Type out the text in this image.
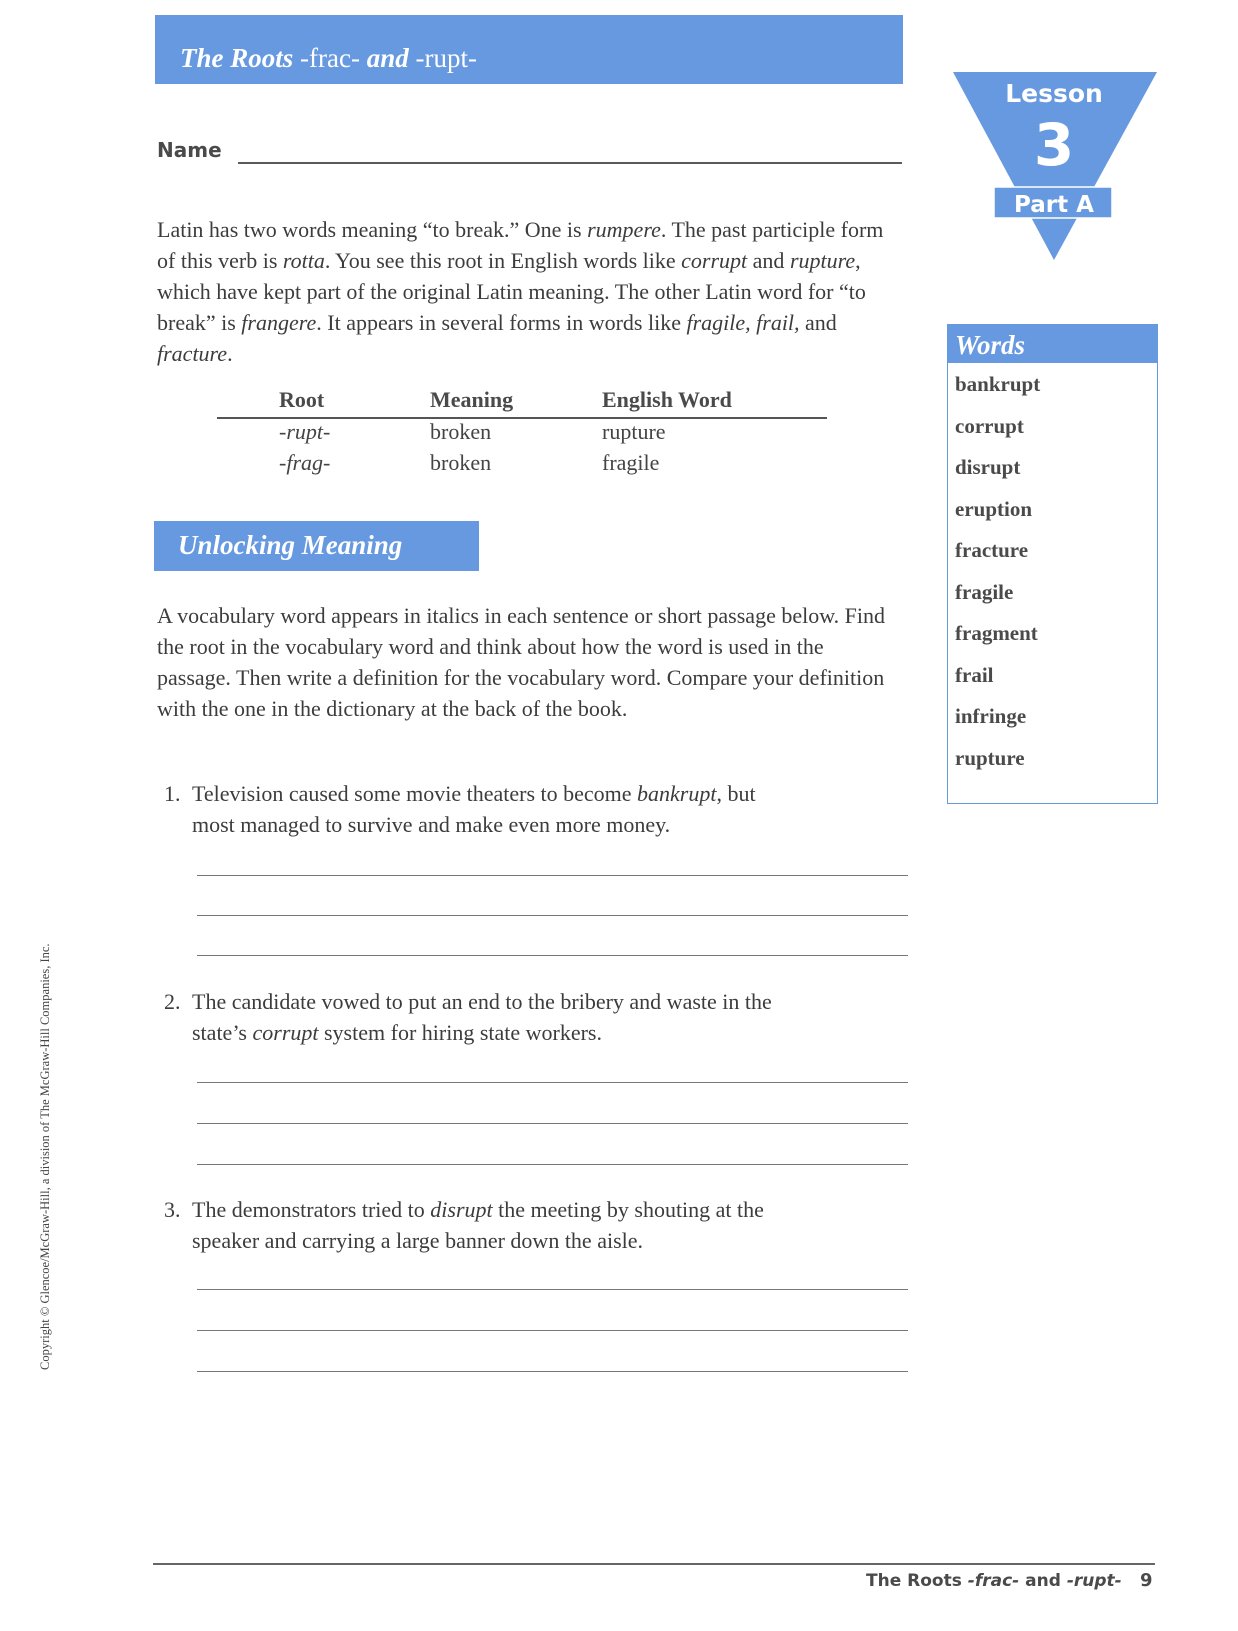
The Roots -frac- and -rupt-
Lesson
3
Part A
Name
Latin has two words meaning “to break.” One is rumpere. The past participle form of this verb is rotta. You see this root in English words like corrupt and rupture, which have kept part of the original Latin meaning. The other Latin word for “to break” is frangere. It appears in several forms in words like fragile, frail, and fracture.
Root	Meaning	English Word
-rupt-	broken	rupture
-frag-	broken	fragile
Unlocking Meaning
A vocabulary word appears in italics in each sentence or short passage below. Find the root in the vocabulary word and think about how the word is used in the passage. Then write a definition for the vocabulary word. Compare your definition with the one in the dictionary at the back of the book.
1. Television caused some movie theaters to become bankrupt, but
most managed to survive and make even more money.
2. The candidate vowed to put an end to the bribery and waste in the
state’s corrupt system for hiring state workers.
3. The demonstrators tried to disrupt the meeting by shouting at the
speaker and carrying a large banner down the aisle.
Words
bankrupt
corrupt
disrupt
eruption
fracture
fragile
fragment
frail
infringe
rupture
Copyright © Glencoe/McGraw-Hill, a division of The McGraw-Hill Companies, Inc.
The Roots -frac- and -rupt- 9
